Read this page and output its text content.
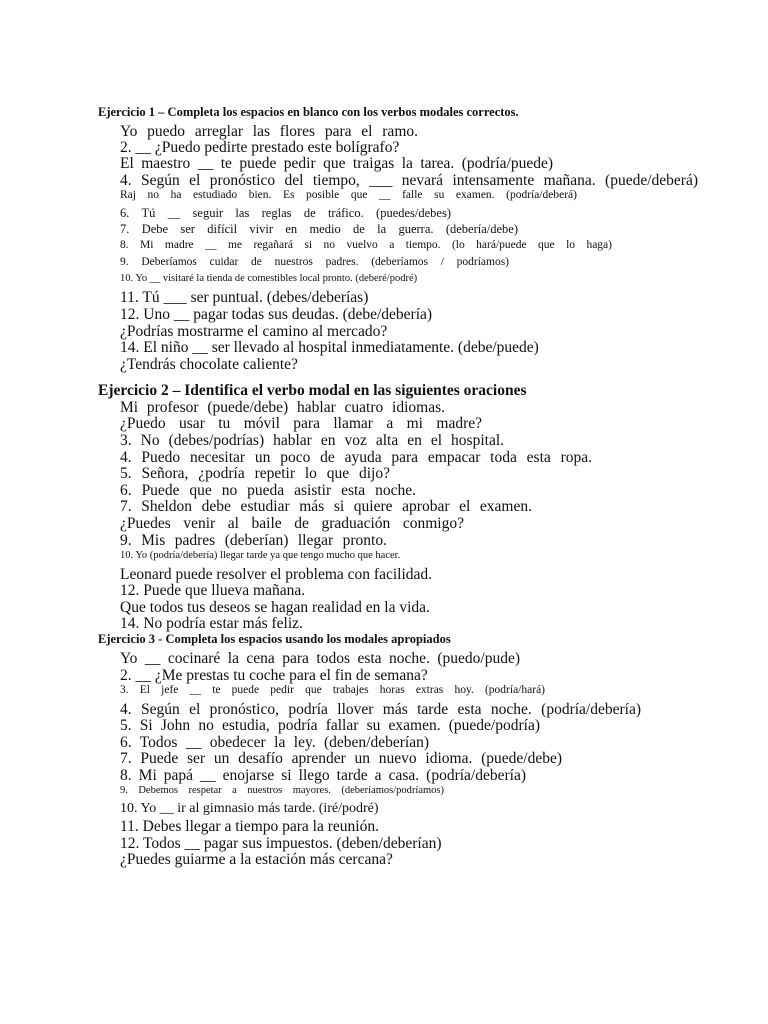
Ejercicio 1 – Completa los espacios en blanco con los verbos modales correctos.
Yo puedo arreglar las flores para el ramo.
2. __ ¿Puedo pedirte prestado este bolígrafo?
El maestro __ te puede pedir que traigas la tarea. (podría/puede)
4. Según el pronóstico del tiempo, ___ nevará intensamente mañana. (puede/deberá)
Raj no ha estudiado bien. Es posible que __ falle su examen. (podría/deberá)
6. Tú __ seguir las reglas de tráfico. (puedes/debes)
7. Debe ser difícil vivir en medio de la guerra. (debería/debe)
8. Mi madre __ me regañará si no vuelvo a tiempo. (lo hará/puede que lo haga)
9. Deberíamos cuidar de nuestros padres. (deberíamos / podríamos)
10. Yo __ visitaré la tienda de comestibles local pronto. (deberé/podré)
11. Tú ___ ser puntual. (debes/deberías)
12. Uno __ pagar todas sus deudas. (debe/debería)
¿Podrías mostrarme el camino al mercado?
14. El niño __ ser llevado al hospital inmediatamente. (debe/puede)
¿Tendrás chocolate caliente?
Ejercicio 2 – Identifica el verbo modal en las siguientes oraciones
Mi profesor (puede/debe) hablar cuatro idiomas.
¿Puedo usar tu móvil para llamar a mi madre?
3. No (debes/podrías) hablar en voz alta en el hospital.
4. Puedo necesitar un poco de ayuda para empacar toda esta ropa.
5. Señora, ¿podría repetir lo que dijo?
6. Puede que no pueda asistir esta noche.
7. Sheldon debe estudiar más si quiere aprobar el examen.
¿Puedes venir al baile de graduación conmigo?
9. Mis padres (deberían) llegar pronto.
10. Yo (podría/debería) llegar tarde ya que tengo mucho que hacer.
Leonard puede resolver el problema con facilidad.
12. Puede que llueva mañana.
Que todos tus deseos se hagan realidad en la vida.
14. No podría estar más feliz.
Ejercicio 3 - Completa los espacios usando los modales apropiados
Yo __ cocinaré la cena para todos esta noche. (puedo/pude)
2. __ ¿Me prestas tu coche para el fin de semana?
3. El jefe __ te puede pedir que trabajes horas extras hoy. (podría/hará)
4. Según el pronóstico, podría llover más tarde esta noche. (podría/debería)
5. Si John no estudia, podría fallar su examen. (puede/podría)
6. Todos __ obedecer la ley. (deben/deberían)
7. Puede ser un desafío aprender un nuevo idioma. (puede/debe)
8. Mi papá __ enojarse si llego tarde a casa. (podría/debería)
9. Debemos respetar a nuestros mayores. (deberíamos/podríamos)
10. Yo __ ir al gimnasio más tarde. (iré/podré)
11. Debes llegar a tiempo para la reunión.
12. Todos __ pagar sus impuestos. (deben/deberían)
¿Puedes guiarme a la estación más cercana?
